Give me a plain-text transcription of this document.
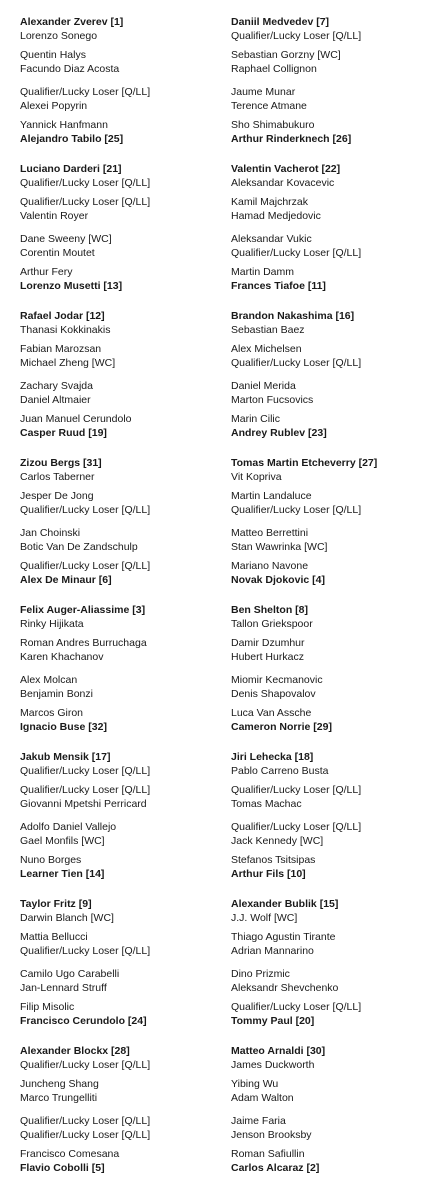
Alexander Zverev [1]
Lorenzo Sonego
Quentin Halys
Facundo Diaz Acosta
Qualifier/Lucky Loser [Q/LL]
Alexei Popyrin
Yannick Hanfmann
Alejandro Tabilo [25]
Luciano Darderi [21]
Qualifier/Lucky Loser [Q/LL]
Qualifier/Lucky Loser [Q/LL]
Valentin Royer
Dane Sweeny [WC]
Corentin Moutet
Arthur Fery
Lorenzo Musetti [13]
Rafael Jodar [12]
Thanasi Kokkinakis
Fabian Marozsan
Michael Zheng [WC]
Zachary Svajda
Daniel Altmaier
Juan Manuel Cerundolo
Casper Ruud [19]
Zizou Bergs [31]
Carlos Taberner
Jesper De Jong
Qualifier/Lucky Loser [Q/LL]
Jan Choinski
Botic Van De Zandschulp
Qualifier/Lucky Loser [Q/LL]
Alex De Minaur [6]
Felix Auger-Aliassime [3]
Rinky Hijikata
Roman Andres Burruchaga
Karen Khachanov
Alex Molcan
Benjamin Bonzi
Marcos Giron
Ignacio Buse [32]
Jakub Mensik [17]
Qualifier/Lucky Loser [Q/LL]
Qualifier/Lucky Loser [Q/LL]
Giovanni Mpetshi Perricard
Adolfo Daniel Vallejo
Gael Monfils [WC]
Nuno Borges
Learner Tien [14]
Taylor Fritz [9]
Darwin Blanch [WC]
Mattia Bellucci
Qualifier/Lucky Loser [Q/LL]
Camilo Ugo Carabelli
Jan-Lennard Struff
Filip Misolic
Francisco Cerundolo [24]
Alexander Blockx [28]
Qualifier/Lucky Loser [Q/LL]
Juncheng Shang
Marco Trungelliti
Qualifier/Lucky Loser [Q/LL]
Qualifier/Lucky Loser [Q/LL]
Francisco Comesana
Flavio Cobolli [5]
Daniil Medvedev [7]
Qualifier/Lucky Loser [Q/LL]
Sebastian Gorzny [WC]
Raphael Collignon
Jaume Munar
Terence Atmane
Sho Shimabukuro
Arthur Rinderknech [26]
Valentin Vacherot [22]
Aleksandar Kovacevic
Kamil Majchrzak
Hamad Medjedovic
Aleksandar Vukic
Qualifier/Lucky Loser [Q/LL]
Martin Damm
Frances Tiafoe [11]
Brandon Nakashima [16]
Sebastian Baez
Alex Michelsen
Qualifier/Lucky Loser [Q/LL]
Daniel Merida
Marton Fucsovics
Marin Cilic
Andrey Rublev [23]
Tomas Martin Etcheverry [27]
Vit Kopriva
Martin Landaluce
Qualifier/Lucky Loser [Q/LL]
Matteo Berrettini
Stan Wawrinka [WC]
Mariano Navone
Novak Djokovic [4]
Ben Shelton [8]
Tallon Griekspoor
Damir Dzumhur
Hubert Hurkacz
Miomir Kecmanovic
Denis Shapovalov
Luca Van Assche
Cameron Norrie [29]
Jiri Lehecka [18]
Pablo Carreno Busta
Qualifier/Lucky Loser [Q/LL]
Tomas Machac
Qualifier/Lucky Loser [Q/LL]
Jack Kennedy [WC]
Stefanos Tsitsipas
Arthur Fils [10]
Alexander Bublik [15]
J.J. Wolf [WC]
Thiago Agustin Tirante
Adrian Mannarino
Dino Prizmic
Aleksandr Shevchenko
Qualifier/Lucky Loser [Q/LL]
Tommy Paul [20]
Matteo Arnaldi [30]
James Duckworth
Yibing Wu
Adam Walton
Jaime Faria
Jenson Brooksby
Roman Safiullin
Carlos Alcaraz [2]
